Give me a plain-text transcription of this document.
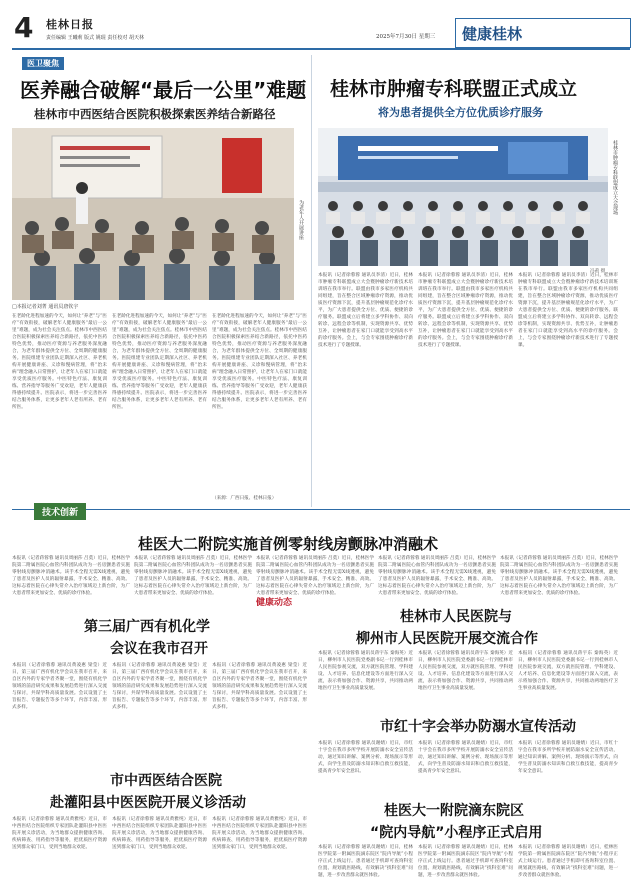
4 桂林日报
责任编辑 王曦莉 版式 姚琨 责任校对 胡天林	2025年7月30日 星期三 健康桂林
医卫聚焦
医养融合破解“最后一公里”难题
桂林市中西医结合医院积极探索医养结合新路径
为老年人开展讲座
□本报记者刘菁 通讯员唐钦宇
在老龄化进程加速的今天，如何让“养老”与“医疗”有效衔接，破解老年人健康服务“最后一公里”难题，成为社会关注焦点。桂林市中西医结合医院积极探索医养结合新路径，依托中医药特色优势，推动医疗资源与养老服务深度融合，为老年群体提供全方位、全周期的健康服务。医院组建专业团队定期深入社区、养老机构开展健康讲座、义诊和慢病管理，将“治未病”理念融入日常照护，让老年人在家门口就能享受优质医疗服务。中医特色疗法、康复训练、营养指导等服务广受欢迎，老年人健康获得感持续提升。医院表示，将进一步完善医养结合服务体系，让更多老年人老有所养、老有所医。
在老龄化进程加速的今天，如何让“养老”与“医疗”有效衔接，破解老年人健康服务“最后一公里”难题，成为社会关注焦点。桂林市中西医结合医院积极探索医养结合新路径，依托中医药特色优势，推动医疗资源与养老服务深度融合，为老年群体提供全方位、全周期的健康服务。医院组建专业团队定期深入社区、养老机构开展健康讲座、义诊和慢病管理，将“治未病”理念融入日常照护，让老年人在家门口就能享受优质医疗服务。中医特色疗法、康复训练、营养指导等服务广受欢迎，老年人健康获得感持续提升。医院表示，将进一步完善医养结合服务体系，让更多老年人老有所养、老有所医。
在老龄化进程加速的今天，如何让“养老”与“医疗”有效衔接，破解老年人健康服务“最后一公里”难题，成为社会关注焦点。桂林市中西医结合医院积极探索医养结合新路径，依托中医药特色优势，推动医疗资源与养老服务深度融合，为老年群体提供全方位、全周期的健康服务。医院组建专业团队定期深入社区、养老机构开展健康讲座、义诊和慢病管理，将“治未病”理念融入日常照护，让老年人在家门口就能享受优质医疗服务。中医特色疗法、康复训练、营养指导等服务广受欢迎，老年人健康获得感持续提升。医院表示，将进一步完善医养结合服务体系，让更多老年人老有所养、老有所医。
（来源：广西日报、桂林日报）
桂林市肿瘤专科联盟正式成立
将为患者提供全方位优质诊疗服务
桂林市肿瘤专科联盟成立大会现场
冯莉 摄
本报讯（记者徐蓉蓉 通讯员李清）近日，桂林市肿瘤专科联盟成立大会暨肿瘤诊疗新技术培训班在我市举行。联盟由我市多家医疗机构共同组建，旨在整合区域肿瘤诊疗资源，推动优质医疗资源下沉，提升基层肿瘤规范化诊疗水平，为广大患者提供全方位、优质、便捷的诊疗服务。联盟成立后将建立多学科协作、双向转诊、远程会诊等机制，实现资源共享、优势互补，让肿瘤患者在家门口就能享受到高水平的诊疗服务。会上，与会专家围绕肿瘤诊疗新技术进行了专题授课。
本报讯（记者徐蓉蓉 通讯员李清）近日，桂林市肿瘤专科联盟成立大会暨肿瘤诊疗新技术培训班在我市举行。联盟由我市多家医疗机构共同组建，旨在整合区域肿瘤诊疗资源，推动优质医疗资源下沉，提升基层肿瘤规范化诊疗水平，为广大患者提供全方位、优质、便捷的诊疗服务。联盟成立后将建立多学科协作、双向转诊、远程会诊等机制，实现资源共享、优势互补，让肿瘤患者在家门口就能享受到高水平的诊疗服务。会上，与会专家围绕肿瘤诊疗新技术进行了专题授课。
本报讯（记者徐蓉蓉 通讯员李清）近日，桂林市肿瘤专科联盟成立大会暨肿瘤诊疗新技术培训班在我市举行。联盟由我市多家医疗机构共同组建，旨在整合区域肿瘤诊疗资源，推动优质医疗资源下沉，提升基层肿瘤规范化诊疗水平，为广大患者提供全方位、优质、便捷的诊疗服务。联盟成立后将建立多学科协作、双向转诊、远程会诊等机制，实现资源共享、优势互补，让肿瘤患者在家门口就能享受到高水平的诊疗服务。会上，与会专家围绕肿瘤诊疗新技术进行了专题授课。
技术创新
桂医大二附院实施首例零射线房颤脉冲消融术
本报讯（记者蒋蓉蓉 通讯员周丽莎 吕莫）近日，桂林医学院第二附属医院心血管内科团队成功为一名房颤患者实施零射线房颤脉冲消融术。该手术全程无需X线透视，避免了患者及医护人员的辐射暴露，手术安全、精准、高效。这标志着医院在心律失常介入治疗领域迈上新台阶，为广大患者带来更加安全、优质的诊疗体验。
本报讯（记者蒋蓉蓉 通讯员周丽莎 吕莫）近日，桂林医学院第二附属医院心血管内科团队成功为一名房颤患者实施零射线房颤脉冲消融术。该手术全程无需X线透视，避免了患者及医护人员的辐射暴露，手术安全、精准、高效。这标志着医院在心律失常介入治疗领域迈上新台阶，为广大患者带来更加安全、优质的诊疗体验。
本报讯（记者蒋蓉蓉 通讯员周丽莎 吕莫）近日，桂林医学院第二附属医院心血管内科团队成功为一名房颤患者实施零射线房颤脉冲消融术。该手术全程无需X线透视，避免了患者及医护人员的辐射暴露，手术安全、精准、高效。这标志着医院在心律失常介入治疗领域迈上新台阶，为广大患者带来更加安全、优质的诊疗体验。
本报讯（记者蒋蓉蓉 通讯员周丽莎 吕莫）近日，桂林医学院第二附属医院心血管内科团队成功为一名房颤患者实施零射线房颤脉冲消融术。该手术全程无需X线透视，避免了患者及医护人员的辐射暴露，手术安全、精准、高效。这标志着医院在心律失常介入治疗领域迈上新台阶，为广大患者带来更加安全、优质的诊疗体验。
本报讯（记者蒋蓉蓉 通讯员周丽莎 吕莫）近日，桂林医学院第二附属医院心血管内科团队成功为一名房颤患者实施零射线房颤脉冲消融术。该手术全程无需X线透视，避免了患者及医护人员的辐射暴露，手术安全、精准、高效。这标志着医院在心律失常介入治疗领域迈上新台阶，为广大患者带来更加安全、优质的诊疗体验。
健康动态
第三届广西有机化学
会议在我市召开
本报讯（记者徐蓉蓉 通讯员黄凌惠 梁莹）近日，第三届广西有机化学会议在我市召开，来自区内外的专家学者齐聚一堂，围绕有机化学领域的前沿研究成果和发展趋势进行深入交流与探讨，共谋学科高质量发展。会议设置了主旨报告、专题报告等多个环节，内容丰富、形式多样。
本报讯（记者徐蓉蓉 通讯员黄凌惠 梁莹）近日，第三届广西有机化学会议在我市召开，来自区内外的专家学者齐聚一堂，围绕有机化学领域的前沿研究成果和发展趋势进行深入交流与探讨，共谋学科高质量发展。会议设置了主旨报告、专题报告等多个环节，内容丰富、形式多样。
本报讯（记者徐蓉蓉 通讯员黄凌惠 梁莹）近日，第三届广西有机化学会议在我市召开，来自区内外的专家学者齐聚一堂，围绕有机化学领域的前沿研究成果和发展趋势进行深入交流与探讨，共谋学科高质量发展。会议设置了主旨报告、专题报告等多个环节，内容丰富、形式多样。
桂林市人民医院与
柳州市人民医院开展交流合作
本报讯（记者徐蓉蓉 通讯员蒋宇东 秦海英）近日，柳州市人民医院党委副书记一行到桂林市人民医院参观交流，双方就医院管理、学科建设、人才培养、信息化建设等方面进行深入交流，表示将加强合作、资源共享，共同推动两地医疗卫生事业高质量发展。
本报讯（记者徐蓉蓉 通讯员蒋宇东 秦海英）近日，柳州市人民医院党委副书记一行到桂林市人民医院参观交流，双方就医院管理、学科建设、人才培养、信息化建设等方面进行深入交流，表示将加强合作、资源共享，共同推动两地医疗卫生事业高质量发展。
本报讯（记者徐蓉蓉 通讯员蒋宇东 秦海英）近日，柳州市人民医院党委副书记一行到桂林市人民医院参观交流，双方就医院管理、学科建设、人才培养、信息化建设等方面进行深入交流，表示将加强合作、资源共享，共同推动两地医疗卫生事业高质量发展。
市红十字会举办防溺水宣传活动
本报讯（记者徐蓉蓉 通讯员谢婧）近日，市红十字会在我市多所学校开展防溺水安全宣传活动，通过知识讲解、案例分析、现场演示等形式，向学生普及防溺水知识和自救互救技能，提高青少年安全意识。
本报讯（记者徐蓉蓉 通讯员谢婧）近日，市红十字会在我市多所学校开展防溺水安全宣传活动，通过知识讲解、案例分析、现场演示等形式，向学生普及防溺水知识和自救互救技能，提高青少年安全意识。
本报讯（记者徐蓉蓉 通讯员谢婧）近日，市红十字会在我市多所学校开展防溺水安全宣传活动，通过知识讲解、案例分析、现场演示等形式，向学生普及防溺水知识和自救互救技能，提高青少年安全意识。
市中西医结合医院
赴灌阳县中医医院开展义诊活动
本报讯（记者徐蓉蓉 通讯员黄雅纯）近日，市中西医结合医院组织专家团队赴灌阳县中医医院开展义诊活动，为当地群众提供健康咨询、疾病筛查、用药指导等服务，把优质医疗资源送到群众家门口，受到当地群众欢迎。
本报讯（记者徐蓉蓉 通讯员黄雅纯）近日，市中西医结合医院组织专家团队赴灌阳县中医医院开展义诊活动，为当地群众提供健康咨询、疾病筛查、用药指导等服务，把优质医疗资源送到群众家门口，受到当地群众欢迎。
本报讯（记者徐蓉蓉 通讯员黄雅纯）近日，市中西医结合医院组织专家团队赴灌阳县中医医院开展义诊活动，为当地群众提供健康咨询、疾病筛查、用药指导等服务，把优质医疗资源送到群众家门口，受到当地群众欢迎。
桂医大一附院滴东院区
“院内导航”小程序正式启用
本报讯（记者徐蓉蓉 通讯员谢婧）近日，桂林医学院第一附属医院滴东院区“院内导航”小程序正式上线运行。患者通过手机即可查询科室位置、规划就医路线，有效解决“找科室难”问题，进一步改善群众就医体验。
本报讯（记者徐蓉蓉 通讯员谢婧）近日，桂林医学院第一附属医院滴东院区“院内导航”小程序正式上线运行。患者通过手机即可查询科室位置、规划就医路线，有效解决“找科室难”问题，进一步改善群众就医体验。
本报讯（记者徐蓉蓉 通讯员谢婧）近日，桂林医学院第一附属医院滴东院区“院内导航”小程序正式上线运行。患者通过手机即可查询科室位置、规划就医路线，有效解决“找科室难”问题，进一步改善群众就医体验。
